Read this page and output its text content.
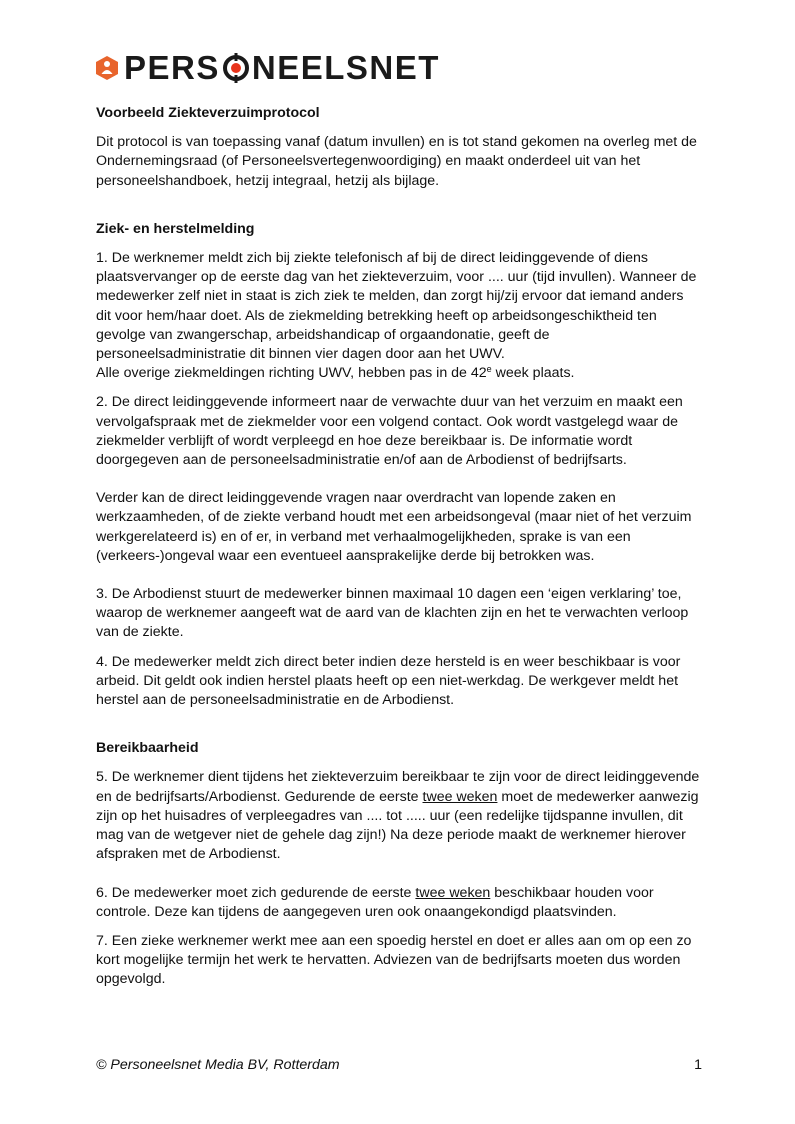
PERS NEELSNET

Voorbeeld Ziekteverzuimprotocol

Dit protocol is van toepassing vanaf (datum invullen) en is tot stand gekomen na overleg met de Ondernemingsraad (of Personeelsvertegenwoordiging) en maakt onderdeel uit van het personeelshandboek, hetzij integraal, hetzij als bijlage.

Ziek- en herstelmelding

1. De werknemer meldt zich bij ziekte telefonisch af bij de direct leidinggevende of diens plaatsvervanger op de eerste dag van het ziekteverzuim, voor .... uur (tijd invullen). Wanneer de medewerker zelf niet in staat is zich ziek te melden, dan zorgt hij/zij ervoor dat iemand anders dit voor hem/haar doet. Als de ziekmelding betrekking heeft op arbeidsongeschiktheid ten gevolge van zwangerschap, arbeidshandicap of orgaandonatie, geeft de personeelsadministratie dit binnen vier dagen door aan het UWV.

Alle overige ziekmeldingen richting UWV, hebben pas in de 42e week plaats.

2. De direct leidinggevende informeert naar de verwachte duur van het verzuim en maakt een vervolgafspraak met de ziekmelder voor een volgend contact. Ook wordt vastgelegd waar de ziekmelder verblijft of wordt verpleegd en hoe deze bereikbaar is. De informatie wordt doorgegeven aan de personeelsadministratie en/of aan de Arbodienst of bedrijfsarts.

Verder kan de direct leidinggevende vragen naar overdracht van lopende zaken en werkzaamheden, of de ziekte verband houdt met een arbeidsongeval (maar niet of het verzuim werkgerelateerd is) en of er, in verband met verhaalmogelijkheden, sprake is van een (verkeers-)ongeval waar een eventueel aansprakelijke derde bij betrokken was.

3. De Arbodienst stuurt de medewerker binnen maximaal 10 dagen een ‘eigen verklaring’ toe, waarop de werknemer aangeeft wat de aard van de klachten zijn en het te verwachten verloop van de ziekte.

4. De medewerker meldt zich direct beter indien deze hersteld is en weer beschikbaar is voor arbeid. Dit geldt ook indien herstel plaats heeft op een niet-werkdag. De werkgever meldt het herstel aan de personeelsadministratie en de Arbodienst.

Bereikbaarheid

5. De werknemer dient tijdens het ziekteverzuim bereikbaar te zijn voor de direct leidinggevende en de bedrijfsarts/Arbodienst. Gedurende de eerste twee weken moet de medewerker aanwezig zijn op het huisadres of verpleegadres van .... tot ..... uur (een redelijke tijdspanne invullen, dit mag van de wetgever niet de gehele dag zijn!) Na deze periode maakt de werknemer hierover afspraken met de Arbodienst.

6. De medewerker moet zich gedurende de eerste twee weken beschikbaar houden voor controle. Deze kan tijdens de aangegeven uren ook onaangekondigd plaatsvinden.

7. Een zieke werknemer werkt mee aan een spoedig herstel en doet er alles aan om op een zo kort mogelijke termijn het werk te hervatten. Adviezen van de bedrijfsarts moeten dus worden opgevolgd.

© Personeelsnet Media BV, Rotterdam	1
